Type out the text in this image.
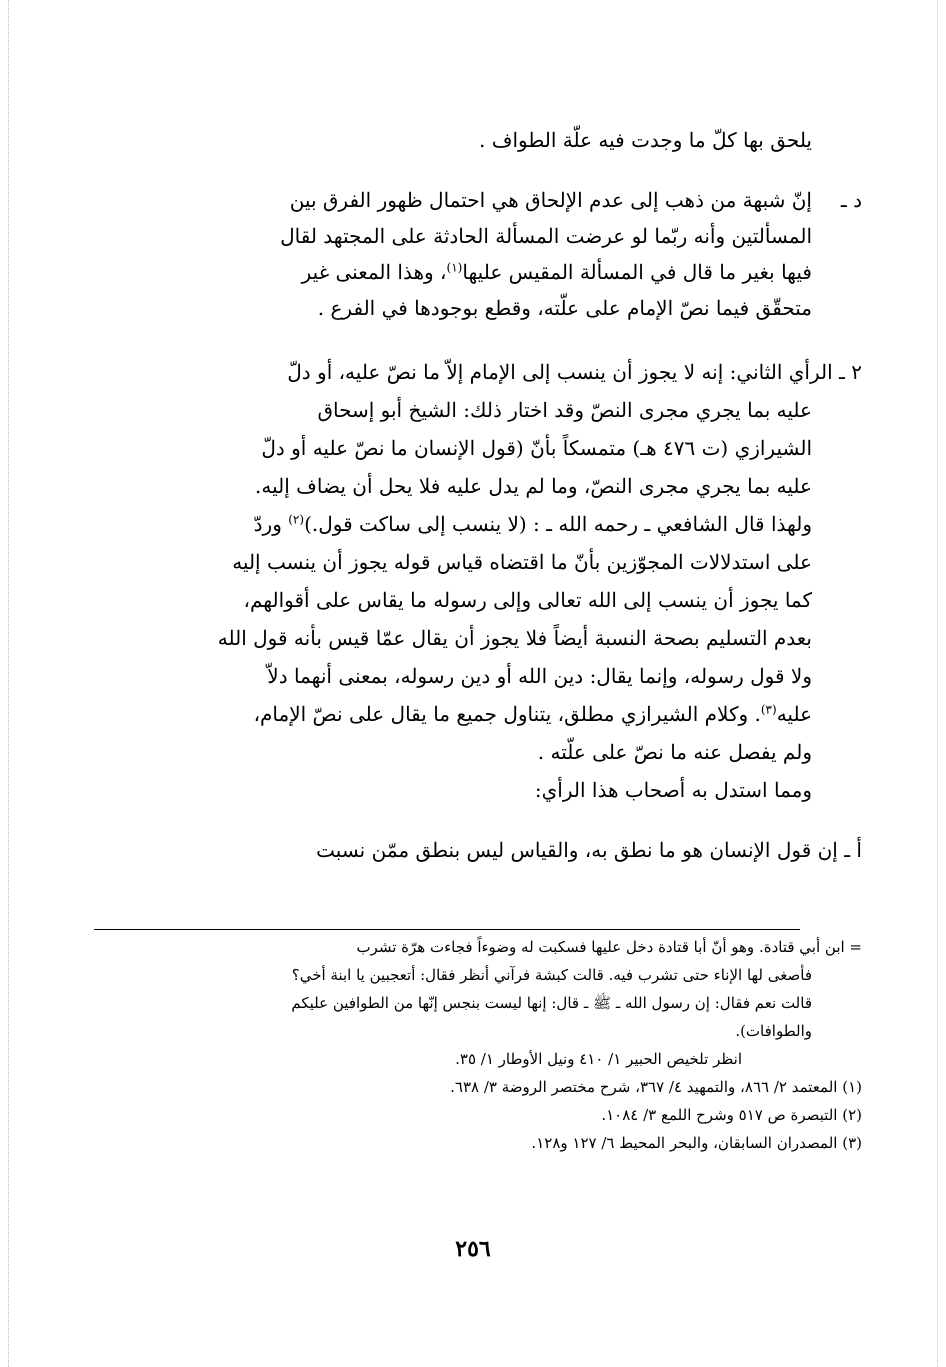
يلحق بها كلّ ما وجدت فيه علّة الطواف .
د ـ
إنّ شبهة من ذهب إلى عدم الإلحاق هي احتمال ظهور الفرق بين
المسألتين وأنه ربّما لو عرضت المسألة الحادثة على المجتهد لقال
فيها بغير ما قال في المسألة المقيس عليها$^{(١)}$، وهذا المعنى غير
متحقّق فيما نصّ الإمام على علّته، وقطع بوجودها في الفرع .
٢ ـ الرأي الثاني: إنه لا يجوز أن ينسب إلى الإمام إلاّ ما نصّ عليه، أو دلّ
عليه بما يجري مجرى النصّ وقد اختار ذلك: الشيخ أبو إسحاق
الشيرازي (ت ٤٧٦ هـ) متمسكاً بأنّ (قول الإنسان ما نصّ عليه أو دلّ
عليه بما يجري مجرى النصّ، وما لم يدل عليه فلا يحل أن يضاف إليه.
ولهذا قال الشافعي ـ رحمه الله ـ : (لا ينسب إلى ساكت قول.)$^{(٢)}$ وردّ
على استدلالات المجوّزين بأنّ ما اقتضاه قياس قوله يجوز أن ينسب إليه
كما يجوز أن ينسب إلى الله تعالى وإلى رسوله ما يقاس على أقوالهم،
بعدم التسليم بصحة النسبة أيضاً فلا يجوز أن يقال عمّا قيس بأنه قول الله
ولا قول رسوله، وإنما يقال: دين الله أو دين رسوله، بمعنى أنهما دلاّ
عليه$^{(٣)}$. وكلام الشيرازي مطلق، يتناول جميع ما يقال على نصّ الإمام،
ولم يفصل عنه ما نصّ على علّته .
ومما استدل به أصحاب هذا الرأي:
أ ـ إن قول الإنسان هو ما نطق به، والقياس ليس بنطق ممّن نسبت
= ابن أبي قتادة. وهو أنّ أبا قتادة دخل عليها فسكبت له وضوءاً فجاءت هرّة تشرب
فأصغى لها الإناء حتى تشرب فيه. قالت كبشة فرآني أنظر فقال: أتعجبين يا ابنة أخي؟
قالت نعم فقال: إن رسول الله ـ ﷺ ـ قال: إنها ليست بنجس إنّها من الطوافين عليكم
والطوافات).
انظر تلخيص الحبير ١/ ٤١٠ ونيل الأوطار ١/ ٣٥.
(١) المعتمد ٢/ ٨٦٦، والتمهيد ٤/ ٣٦٧، شرح مختصر الروضة ٣/ ٦٣٨.
(٢) التبصرة ص ٥١٧ وشرح اللمع ٣/ ١٠٨٤.
(٣) المصدران السابقان، والبحر المحيط ٦/ ١٢٧ و١٢٨.
٢٥٦
